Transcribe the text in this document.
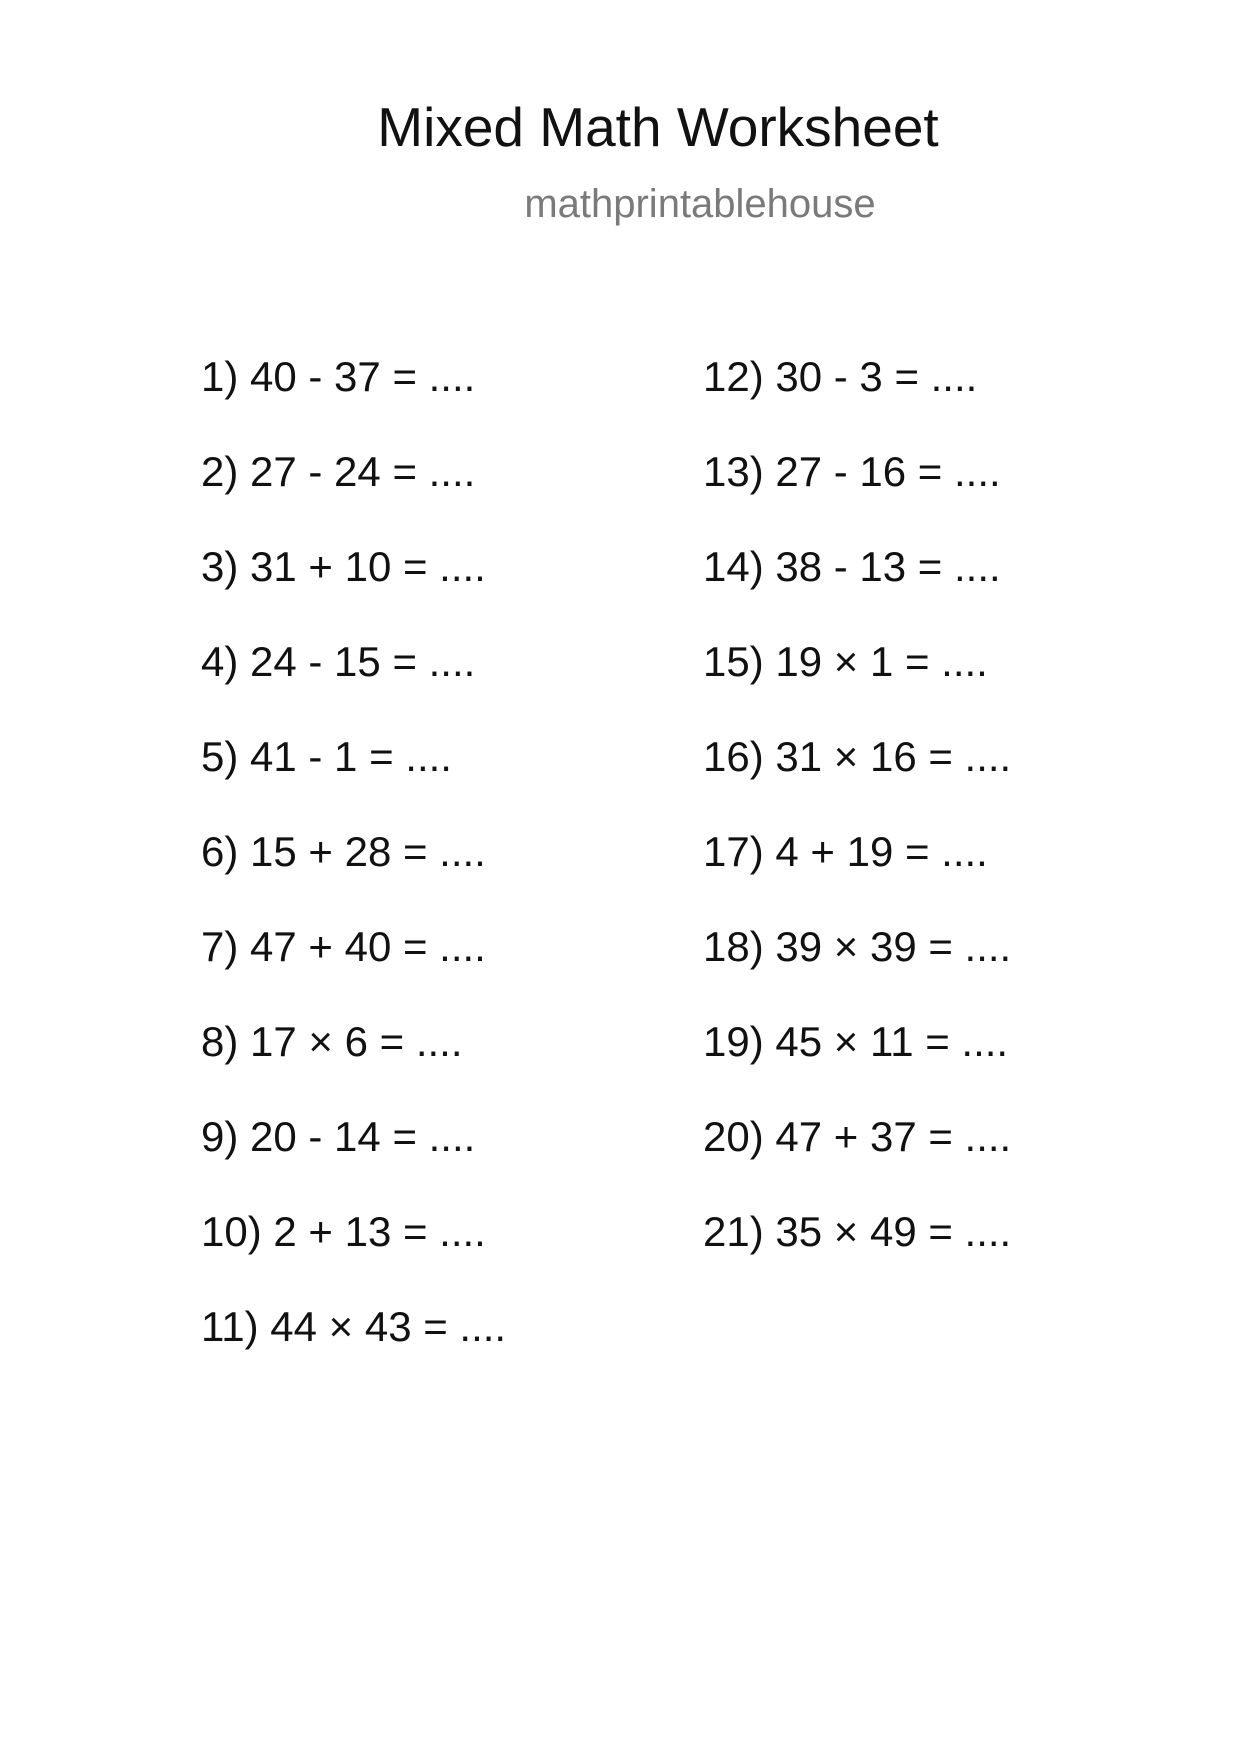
Mixed Math Worksheet
mathprintablehouse
1) 40 - 37 = ....
2) 27 - 24 = ....
3) 31 + 10 = ....
4) 24 - 15 = ....
5) 41 - 1 = ....
6) 15 + 28 = ....
7) 47 + 40 = ....
8) 17 × 6 = ....
9) 20 - 14 = ....
10) 2 + 13 = ....
11) 44 × 43 = ....
12) 30 - 3 = ....
13) 27 - 16 = ....
14) 38 - 13 = ....
15) 19 × 1 = ....
16) 31 × 16 = ....
17) 4 + 19 = ....
18) 39 × 39 = ....
19) 45 × 11 = ....
20) 47 + 37 = ....
21) 35 × 49 = ....
